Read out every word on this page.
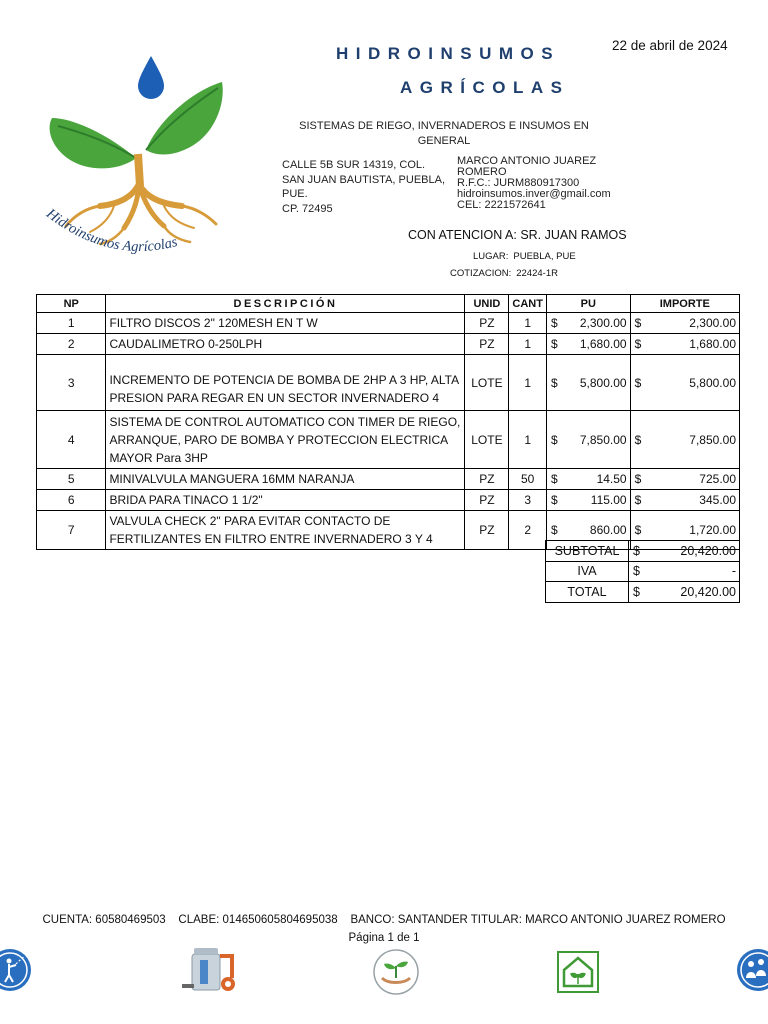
22 de abril de 2024
Hidroinsumos Agrícolas
HIDROINSUMOS
AGRÍCOLAS
SISTEMAS DE RIEGO, INVERNADEROS E INSUMOS EN GENERAL
CALLE 5B SUR 14319, COL.
SAN JUAN BAUTISTA, PUEBLA,
PUE.
CP. 72495
MARCO ANTONIO JUAREZ
ROMERO
R.F.C.: JURM880917300
hidroinsumos.inver@gmail.com
CEL: 2221572641
CON ATENCION A: SR. JUAN RAMOS
LUGAR: PUEBLA, PUE
COTIZACION: 22424-1R
NP	DESCRIPCIÓN	UNID	CANT	PU	IMPORTE
1	FILTRO DISCOS 2" 120MESH EN T W	PZ	1	$ 2,300.00	$ 2,300.00

2	CAUDALIMETRO 0-250LPH	PZ	1	$ 1,680.00	$ 1,680.00

3	INCREMENTO DE POTENCIA DE BOMBA DE 2HP A 3 HP, ALTA PRESION PARA REGAR EN UN SECTOR INVERNADERO 4	LOTE	1	$ 5,800.00	$ 5,800.00

4	SISTEMA DE CONTROL AUTOMATICO CON TIMER DE RIEGO, ARRANQUE, PARO DE BOMBA Y PROTECCION ELECTRICA MAYOR Para 3HP	LOTE	1	$ 7,850.00	$ 7,850.00

5	MINIVALVULA MANGUERA 16MM NARANJA	PZ	50	$ 14.50	$ 725.00

6	BRIDA PARA TINACO 1 1/2"	PZ	3	$ 115.00	$ 345.00

7	VALVULA CHECK 2" PARA EVITAR CONTACTO DE FERTILIZANTES EN FILTRO ENTRE INVERNADERO 3 Y 4	PZ	2	$ 860.00	$ 1,720.00
SUBTOTAL	$ 20,420.00

IVA	$ -

TOTAL	$ 20,420.00
CUENTA: 60580469503    CLABE: 014650605804695038    BANCO: SANTANDER TITULAR: MARCO ANTONIO JUAREZ ROMERO
Página 1 de 1
